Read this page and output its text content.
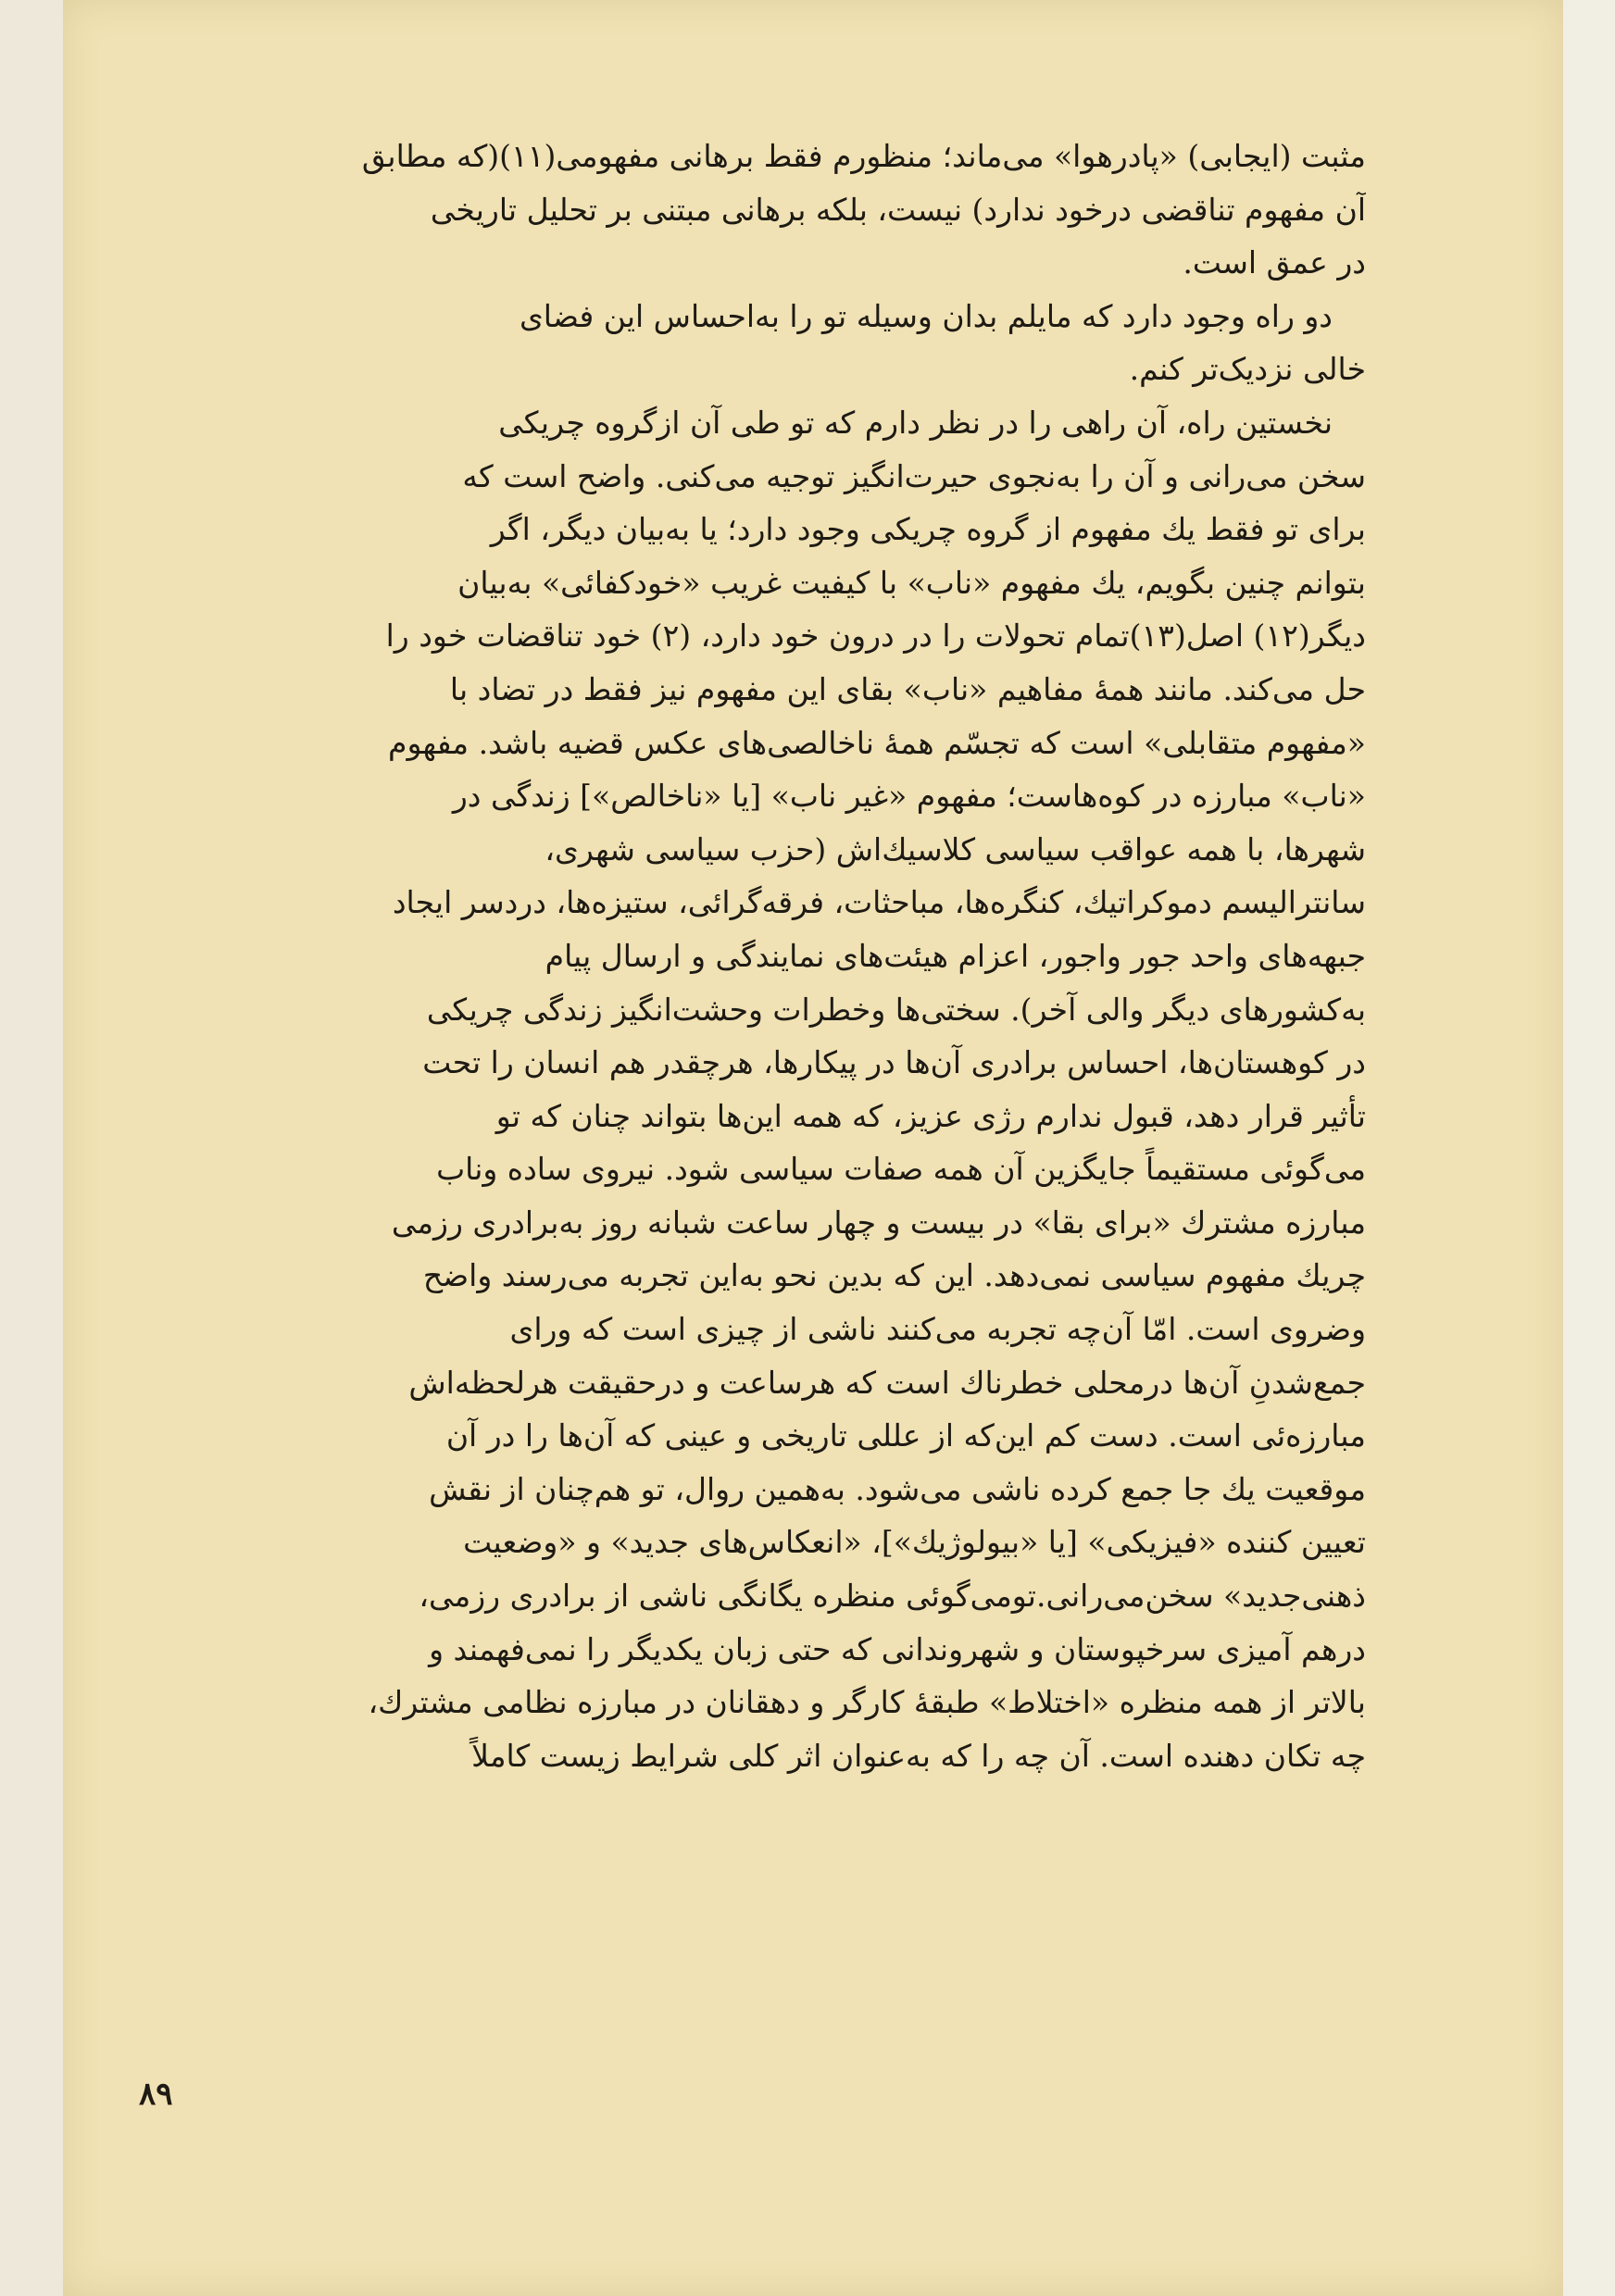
مثبت (ایجابی) «پادرهوا» می‌ماند؛ منظورم فقط برهانی مفهومی(۱۱)(که مطابق
آن مفهوم تناقضی درخود ندارد) نیست، بلکه برهانی مبتنی بر تحلیل تاریخی
در عمق است.
دو راه وجود دارد که مایلم بدان وسیله تو را به‌احساس این فضای
خالی نزدیک‌تر کنم.
نخستین راه، آن راهی را در نظر دارم که تو طی آن ازگروه چریکی
سخن می‌رانی و آن را به‌نجوی حیرت‌انگیز توجیه می‌کنی. واضح است که
برای تو فقط یك مفهوم از گروه چریکی وجود دارد؛ یا به‌بیان دیگر، اگر
بتوانم چنین بگویم، یك مفهوم «ناب» با کیفیت غریب «خودکفائی» به‌بیان
دیگر(۱۲) اصل(۱۳)تمام تحولات را در درون خود دارد، (۲) خود تناقضات خود را
حل می‌کند. مانند همهٔ مفاهیم «ناب» بقای این مفهوم نیز فقط در تضاد با
«مفهوم متقابلی» است که تجسّم همهٔ ناخالصی‌های عکس قضیه باشد. مفهوم
«ناب» مبارزه در کوه‌هاست؛ مفهوم «غیر ناب» [یا «ناخالص»] زندگی در
شهرها، با همه عواقب سیاسی کلاسیك‌اش (حزب سیاسی شهری،
سانترالیسم دموکراتیك، کنگره‌ها، مباحثات، فرقه‌گرائی، ستیزه‌ها، دردسر ایجاد
جبهه‌های واحد جور واجور، اعزام هیئت‌های نمایندگی و ارسال پیام
به‌کشورهای دیگر والی آخر). سختی‌ها وخطرات وحشت‌انگیز زندگی چریکی
در کوهستان‌ها، احساس برادری آن‌ها در پیکارها، هرچقدر هم انسان را تحت
تأثیر قرار دهد، قبول ندارم رژی عزیز، که همه این‌ها بتواند چنان که تو
می‌گوئی مستقیماً جایگزین آن همه صفات سیاسی شود. نیروی ساده وناب
مبارزه مشترك «برای بقا» در بیست و چهار ساعت شبانه روز به‌برادری رزمی
چریك مفهوم سیاسی نمی‌دهد. این که بدین نحو به‌این تجربه می‌رسند واضح
وضروی است. امّا آن‌چه تجربه می‌کنند ناشی از چیزی است که ورای
جمع‌شدنِ آن‌ها درمحلی خطرناك است که هرساعت و درحقیقت هرلحظه‌اش
مبارزه‌ئی است. دست کم این‌که از عللی تاریخی و عینی که آن‌ها را در آن
موقعیت یك جا جمع کرده ناشی می‌شود. به‌همین روال، تو هم‌چنان از نقش
تعیین کننده «فیزیکی» [یا «بیولوژیك»]، «انعکاس‌های جدید» و «وضعیت
ذهنی‌جدید» سخن‌می‌رانی.تومی‌گوئی منظره یگانگی ناشی از برادری رزمی،
درهم آمیزی سرخپوستان و شهروندانی که حتی زبان یکدیگر را نمی‌فهمند و
بالاتر از همه منظره «اختلاط» طبقهٔ کارگر و دهقانان در مبارزه نظامی مشترك،
چه تکان دهنده است. آن چه را که به‌عنوان اثر کلی شرایط زیست کاملاً
۸۹
